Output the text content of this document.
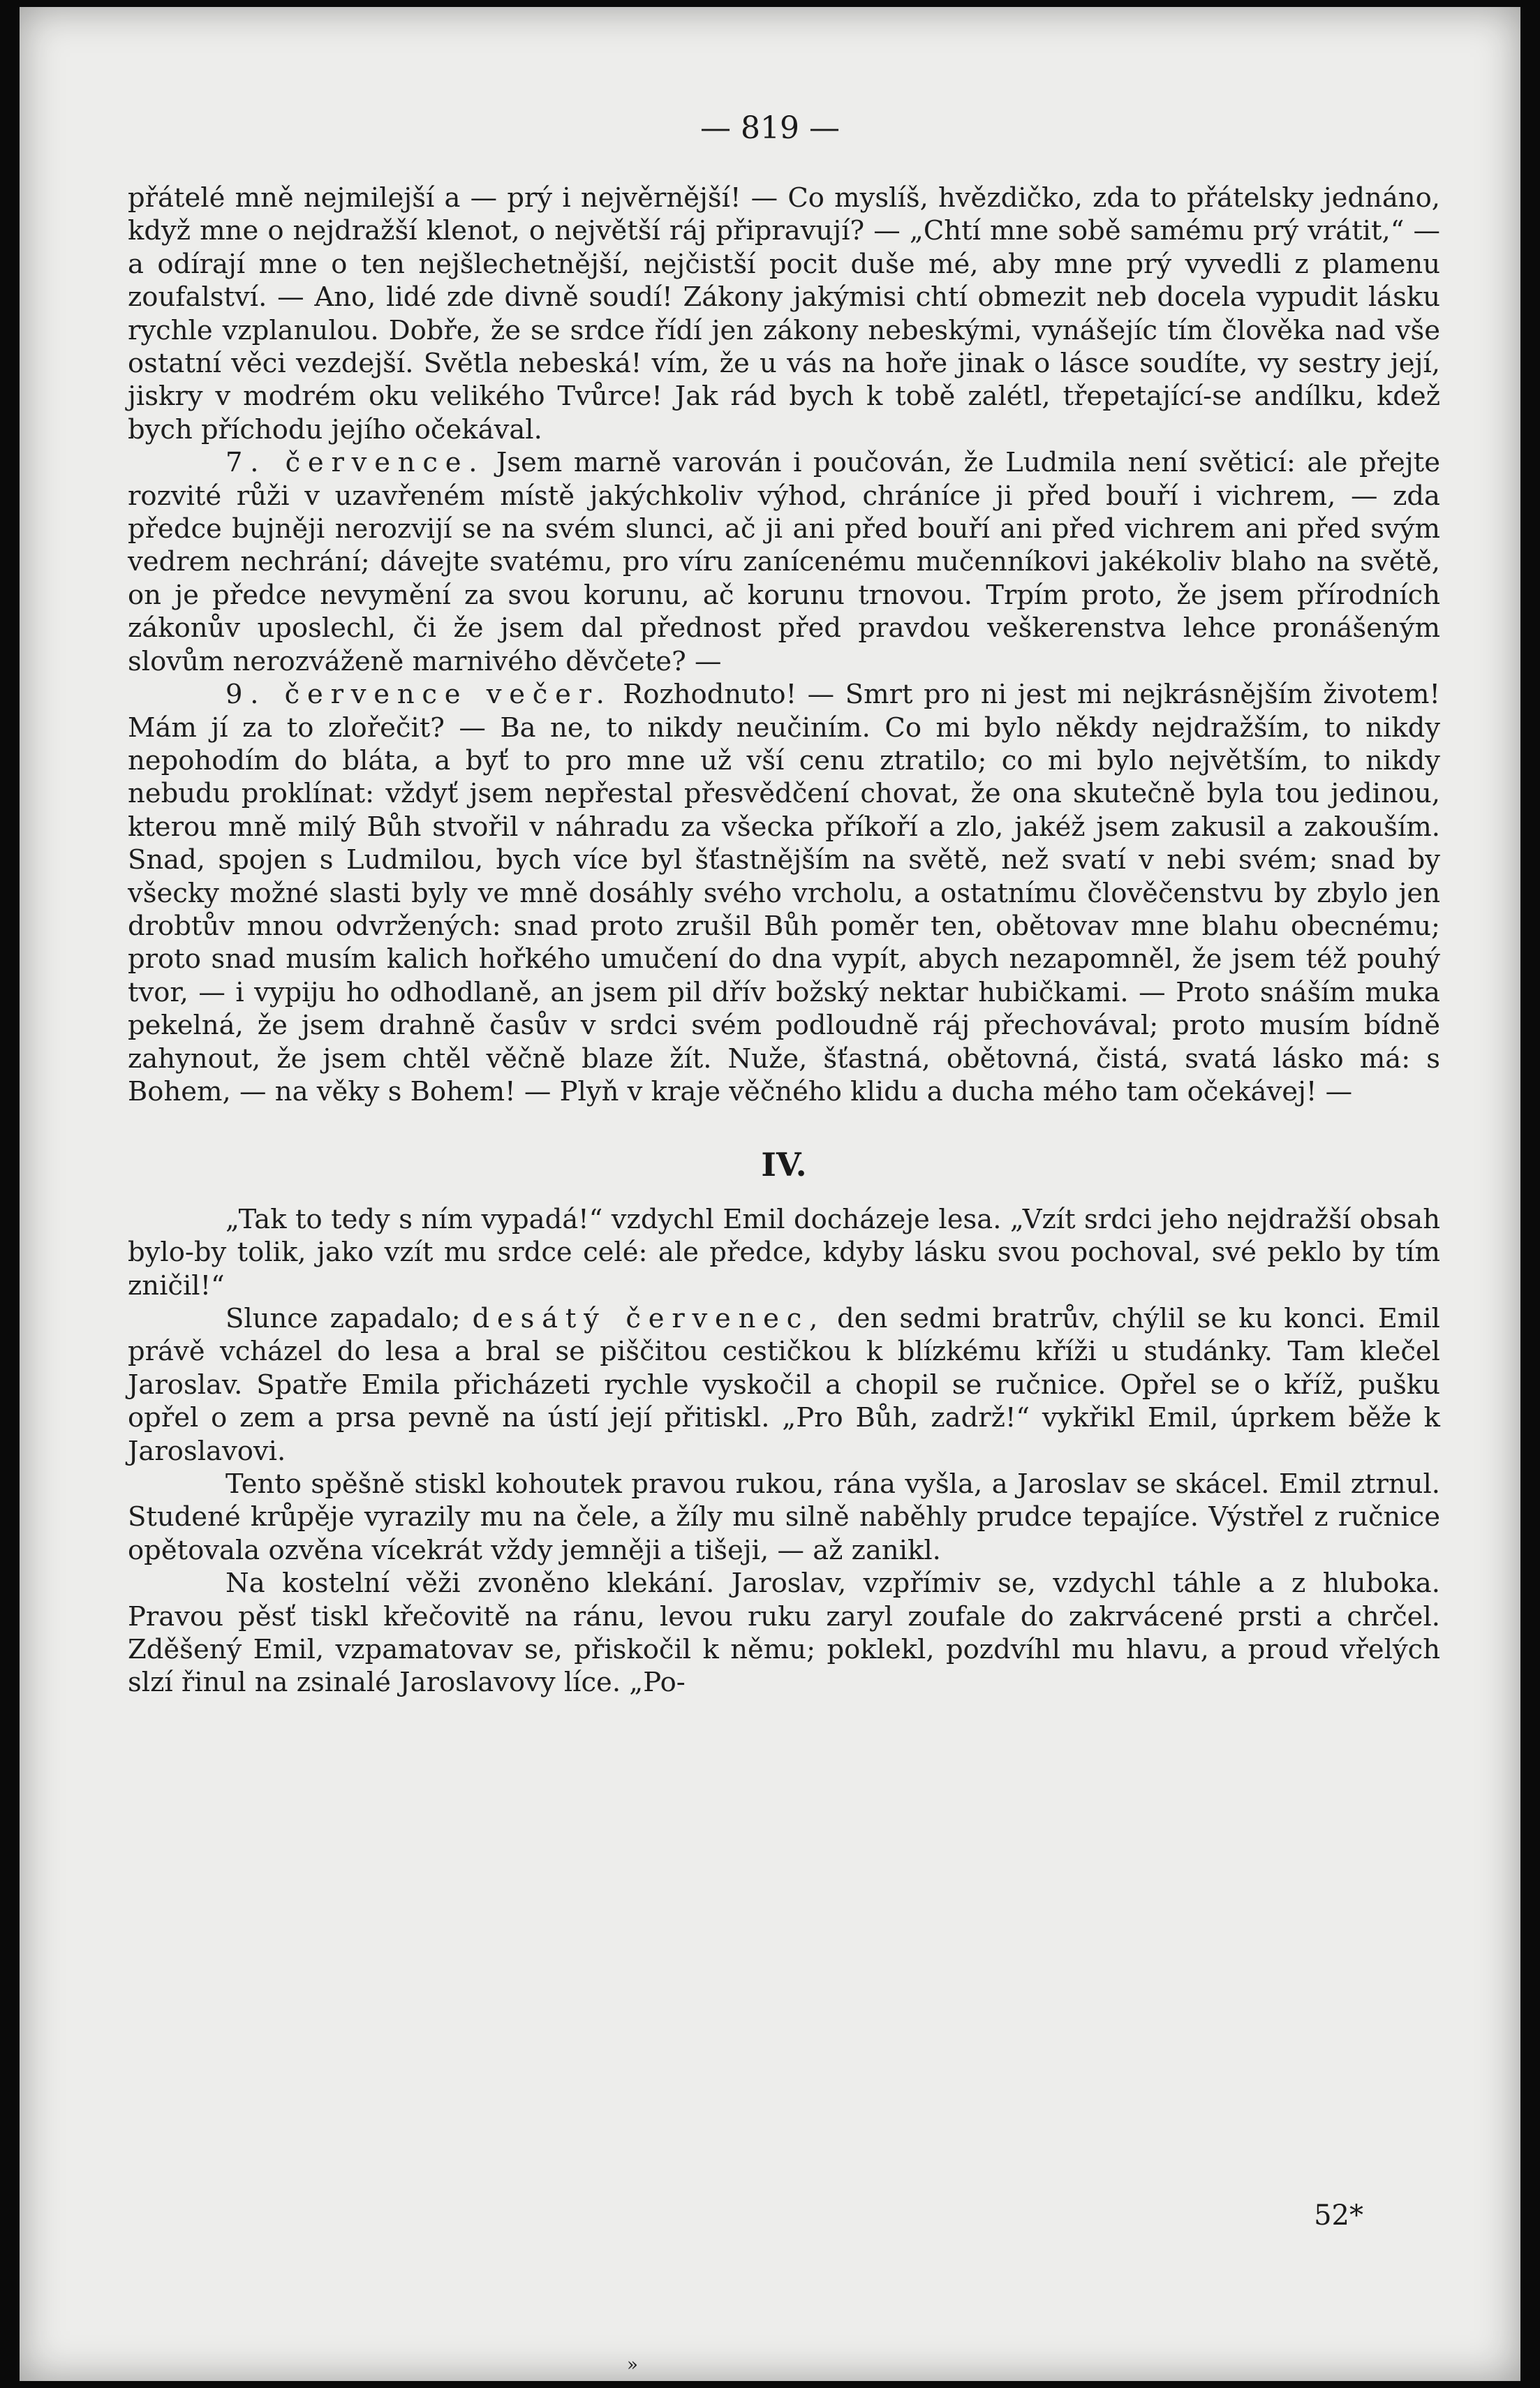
— 819 —

přátelé mně nejmilejší a — prý i nejvěrnější! — Co myslíš, hvězdičko, zda to přátelsky jednáno, když mne o nejdražší klenot, o největší ráj připravují? — „Chtí mne sobě samému prý vrátit,“ — a odírají mne o ten nejšlechetnější, nejčistší pocit duše mé, aby mne prý vyvedli z plamenu zoufalství. — Ano, lidé zde divně soudí! Zákony jakýmisi chtí obmezit neb docela vypudit lásku rychle vzplanulou. Dobře, že se srdce řídí jen zákony nebeskými, vynášejíc tím člověka nad vše ostatní věci vezdejší. Světla nebeská! vím, že u vás na hoře jinak o lásce soudíte, vy sestry její, jiskry v modrém oku velikého Tvůrce! Jak rád bych k tobě zalétl, třepetající-se andílku, kdež bych příchodu jejího očekával.

7. července. Jsem marně varován i poučován, že Ludmila není světicí: ale přejte rozvité růži v uzavřeném místě jakýchkoliv výhod, chráníce ji před bouří i vichrem, — zda předce bujněji nerozvijí se na svém slunci, ač ji ani před bouří ani před vichrem ani před svým vedrem nechrání; dávejte svatému, pro víru zanícenému mučenníkovi jakékoliv blaho na světě, on je předce nevymění za svou korunu, ač korunu trnovou. Trpím proto, že jsem přírodních zákonův uposlechl, či že jsem dal přednost před pravdou veškerenstva lehce pronášeným slovům nerozváženě marnivého děvčete? —

9. července večer. Rozhodnuto! — Smrt pro ni jest mi nejkrásnějším životem! Mám jí za to zlořečit? — Ba ne, to nikdy neučiním. Co mi bylo někdy nejdražším, to nikdy nepohodím do bláta, a byť to pro mne už vší cenu ztratilo; co mi bylo největším, to nikdy nebudu proklínat: vždyť jsem nepřestal přesvědčení chovat, že ona skutečně byla tou jedinou, kterou mně milý Bůh stvořil v náhradu za všecka příkoří a zlo, jakéž jsem zakusil a zakouším. Snad, spojen s Ludmilou, bych více byl šťastnějším na světě, než svatí v nebi svém; snad by všecky možné slasti byly ve mně dosáhly svého vrcholu, a ostatnímu člověčenstvu by zbylo jen drobtův mnou odvržených: snad proto zrušil Bůh poměr ten, obětovav mne blahu obecnému; proto snad musím kalich hořkého umučení do dna vypít, abych nezapomněl, že jsem též pouhý tvor, — i vypiju ho odhodlaně, an jsem pil dřív božský nektar hubičkami. — Proto snáším muka pekelná, že jsem drahně časův v srdci svém podloudně ráj přechovával; proto musím bídně zahynout, že jsem chtěl věčně blaze žít. Nuže, šťastná, obětovná, čistá, svatá lásko má: s Bohem, — na věky s Bohem! — Plyň v kraje věčného klidu a ducha mého tam očekávej! —

IV.

„Tak to tedy s ním vypadá!“ vzdychl Emil docházeje lesa. „Vzít srdci jeho nejdražší obsah bylo-by tolik, jako vzít mu srdce celé: ale předce, kdyby lásku svou pochoval, své peklo by tím zničil!“

Slunce zapadalo; desátý červenec, den sedmi bratrův, chýlil se ku konci. Emil právě vcházel do lesa a bral se piščitou cestičkou k blízkému kříži u studánky. Tam klečel Jaroslav. Spatře Emila přicházeti rychle vyskočil a chopil se ručnice. Opřel se o kříž, pušku opřel o zem a prsa pevně na ústí její přitiskl. „Pro Bůh, zadrž!“ vykřikl Emil, úprkem běže k Jaroslavovi.

Tento spěšně stiskl kohoutek pravou rukou, rána vyšla, a Jaroslav se skácel. Emil ztrnul. Studené krůpěje vyrazily mu na čele, a žíly mu silně naběhly prudce tepajíce. Výstřel z ručnice opětovala ozvěna vícekrát vždy jemněji a tišeji, — až zanikl.

Na kostelní věži zvoněno klekání. Jaroslav, vzpřímiv se, vzdychl táhle a z hluboka. Pravou pěsť tiskl křečovitě na ránu, levou ruku zaryl zoufale do zakrvácené prsti a chrčel. Zděšený Emil, vzpamatovav se, přiskočil k němu; poklekl, pozdvíhl mu hlavu, a proud vřelých slzí řinul na zsinalé Jaroslavovy líce. „Po-

52*
»
